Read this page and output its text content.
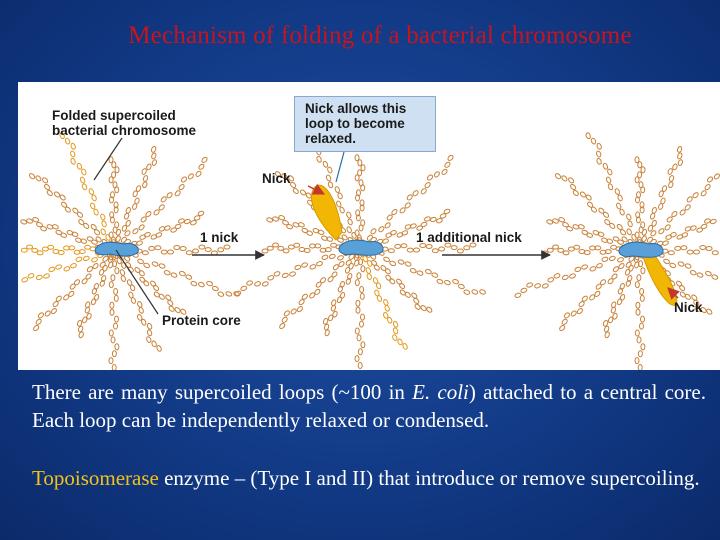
Mechanism of folding of a bacterial chromosome
Folded supercoiled
bacterial chromosome
Nick
1 nick	1 additional nick
Nick
Protein core
Nick allows this
loop to become
relaxed.
There are many supercoiled loops (~100 in E. coli) attached to a central core. Each loop can be independently relaxed or condensed.
Topoisomerase enzyme – (Type I and II) that introduce or remove supercoiling.
